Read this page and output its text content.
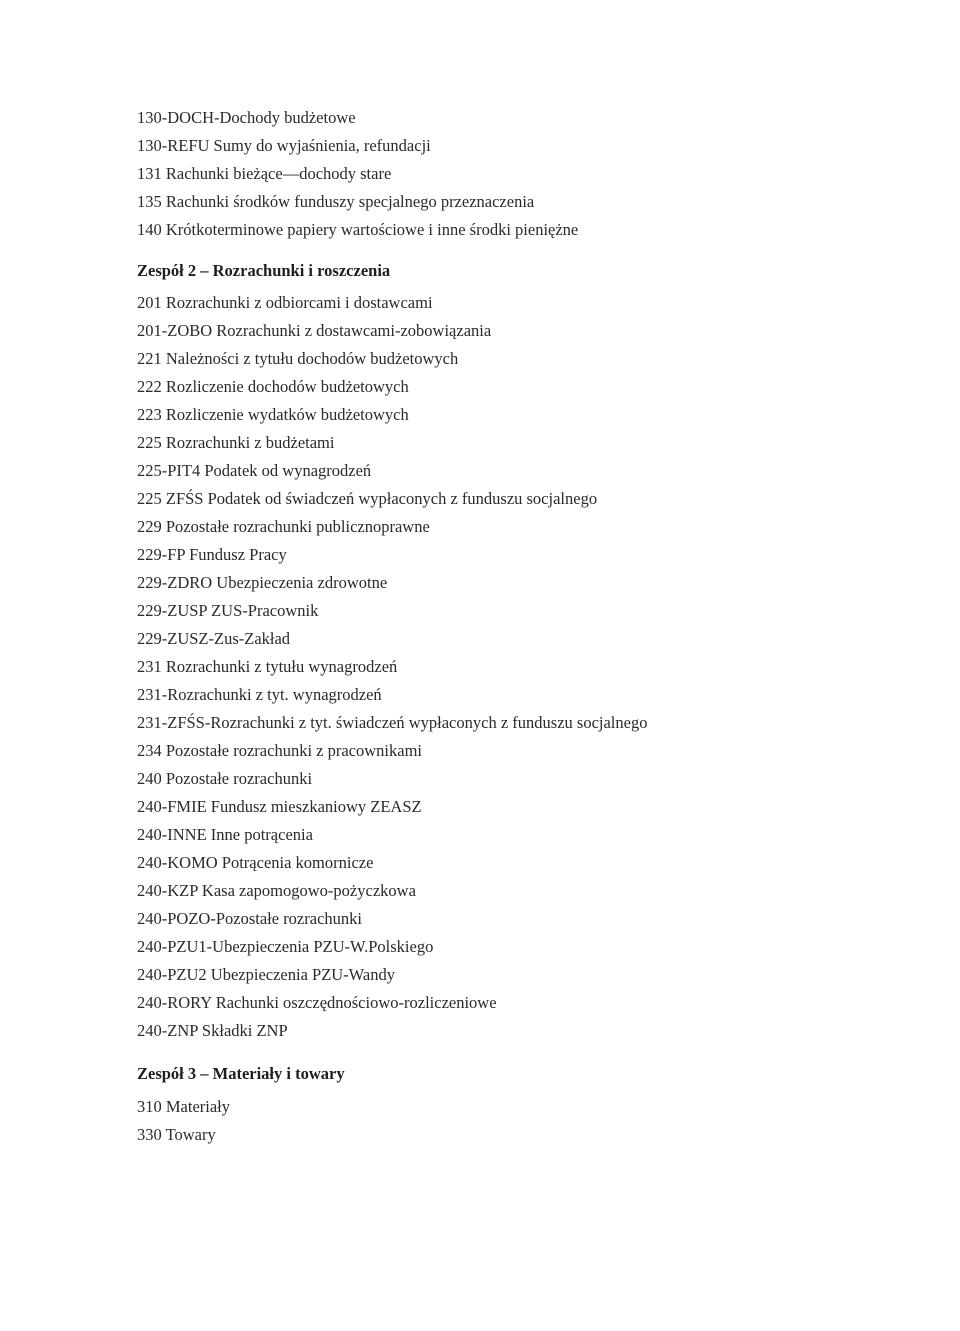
130-DOCH-Dochody budżetowe
130-REFU Sumy do wyjaśnienia, refundacji
131 Rachunki bieżące—dochody stare
135 Rachunki środków funduszy specjalnego przeznaczenia
140 Krótkoterminowe papiery wartościowe i inne środki pieniężne
Zespół 2 – Rozrachunki i roszczenia
201 Rozrachunki z odbiorcami i dostawcami
201-ZOBO Rozrachunki z dostawcami-zobowiązania
221 Należności z tytułu dochodów budżetowych
222 Rozliczenie dochodów budżetowych
223 Rozliczenie wydatków budżetowych
225 Rozrachunki z budżetami
225-PIT4 Podatek od wynagrodzeń
225 ZFŚS Podatek od świadczeń wypłaconych z funduszu socjalnego
229 Pozostałe rozrachunki publicznoprawne
229-FP Fundusz Pracy
229-ZDRO Ubezpieczenia zdrowotne
229-ZUSP ZUS-Pracownik
229-ZUSZ-Zus-Zakład
231 Rozrachunki z tytułu wynagrodzeń
231-Rozrachunki z tyt. wynagrodzeń
231-ZFŚS-Rozrachunki z tyt. świadczeń wypłaconych z funduszu socjalnego
234 Pozostałe rozrachunki z pracownikami
240 Pozostałe rozrachunki
240-FMIE Fundusz mieszkaniowy ZEASZ
240-INNE Inne potrącenia
240-KOMO Potrącenia komornicze
240-KZP Kasa zapomogowo-pożyczkowa
240-POZO-Pozostałe rozrachunki
240-PZU1-Ubezpieczenia PZU-W.Polskiego
240-PZU2 Ubezpieczenia PZU-Wandy
240-RORY Rachunki oszczędnościowo-rozliczeniowe
240-ZNP Składki ZNP
Zespół 3 – Materiały i towary
310 Materiały
330 Towary
